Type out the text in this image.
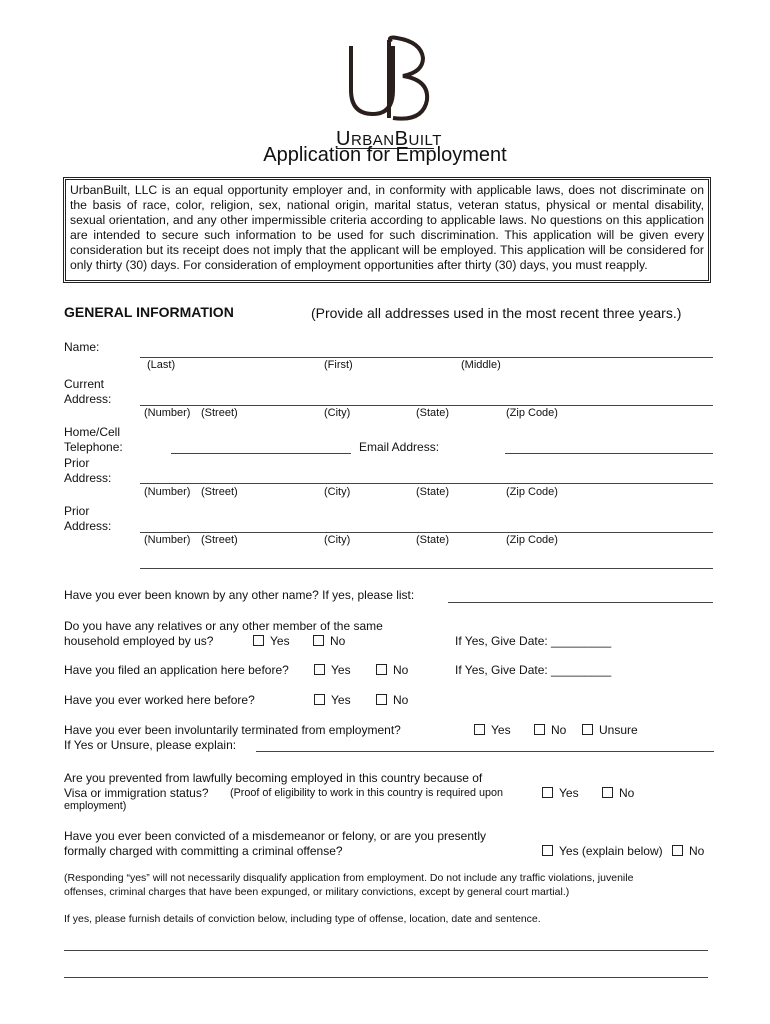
URBANBUILT
Application for Employment
UrbanBuilt, LLC is an equal opportunity employer and, in conformity with applicable laws, does not discriminate on the basis of race, color, religion, sex, national origin, marital status, veteran status, physical or mental disability, sexual orientation, and any other impermissible criteria according to applicable laws. No questions on this application are intended to secure such information to be used for such discrimination. This application will be given every consideration but its receipt does not imply that the applicant will be employed. This application will be considered for only thirty (30) days. For consideration of employment opportunities after thirty (30) days, you must reapply.
GENERAL INFORMATION	(Provide all addresses used in the most recent three years.)
Name:
(Last)	(First)	(Middle)
Current
Address:
(Number) (Street)	(City)	(State)	(Zip Code)
Home/Cell
Telephone:	Email Address:
Prior
Address:
(Number) (Street)	(City)	(State)	(Zip Code)
Prior
Address:
(Number) (Street)	(City)	(State)	(Zip Code)
Have you ever been known by any other name? If yes, please list:
Do you have any relatives or any other member of the same
household employed by us?	Yes	No	If Yes, Give Date: _________
Have you filed an application here before?	Yes	No	If Yes, Give Date: _________
Have you ever worked here before?	Yes	No
Have you ever been involuntarily terminated from employment?	Yes	No	Unsure
If Yes or Unsure, please explain:
Are you prevented from lawfully becoming employed in this country because of
Visa or immigration status? (Proof of eligibility to work in this country is required upon
employment)
Yes	No
Have you ever been convicted of a misdemeanor or felony, or are you presently
formally charged with committing a criminal offense?	Yes (explain below)	No
(Responding “yes” will not necessarily disqualify application from employment. Do not include any traffic violations, juvenile
offenses, criminal charges that have been expunged, or military convictions, except by general court martial.)
If yes, please furnish details of conviction below, including type of offense, location, date and sentence.
